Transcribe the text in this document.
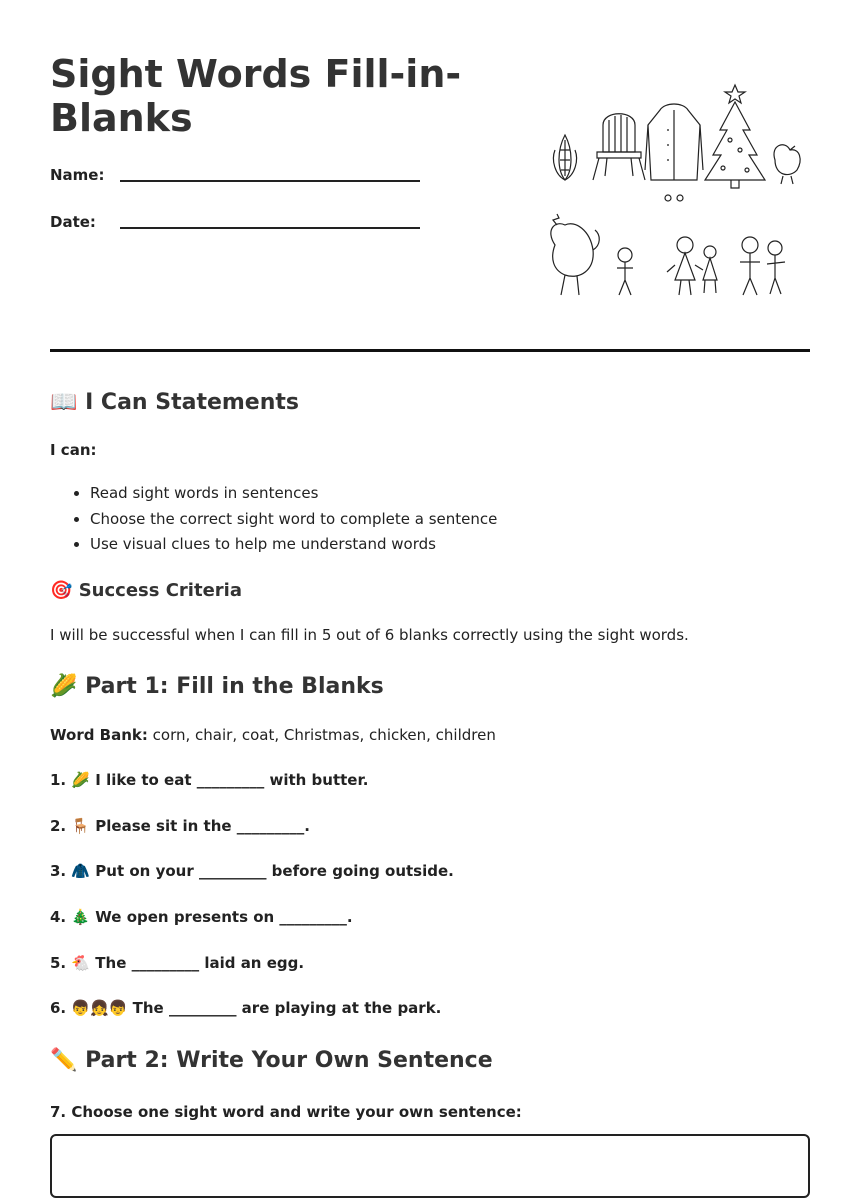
Sight Words Fill-in-Blanks
Name:
Date:
📖 I Can Statements

I can:

• Read sight words in sentences
• Choose the correct sight word to complete a sentence
• Use visual clues to help me understand words
🎯 Success Criteria

I will be successful when I can fill in 5 out of 6 blanks correctly using the sight words.

🌽 Part 1: Fill in the Blanks

Word Bank: corn, chair, coat, Christmas, chicken, children

1. 🌽 I like to eat _________ with butter.
2. 🪑 Please sit in the _________.
3. 🧥 Put on your _________ before going outside.
4. 🎄 We open presents on _________.
5. 🐔 The _________ laid an egg.
6. 👦👧👦 The _________ are playing at the park.
✏️ Part 2: Write Your Own Sentence
7. Choose one sight word and write your own sentence:
